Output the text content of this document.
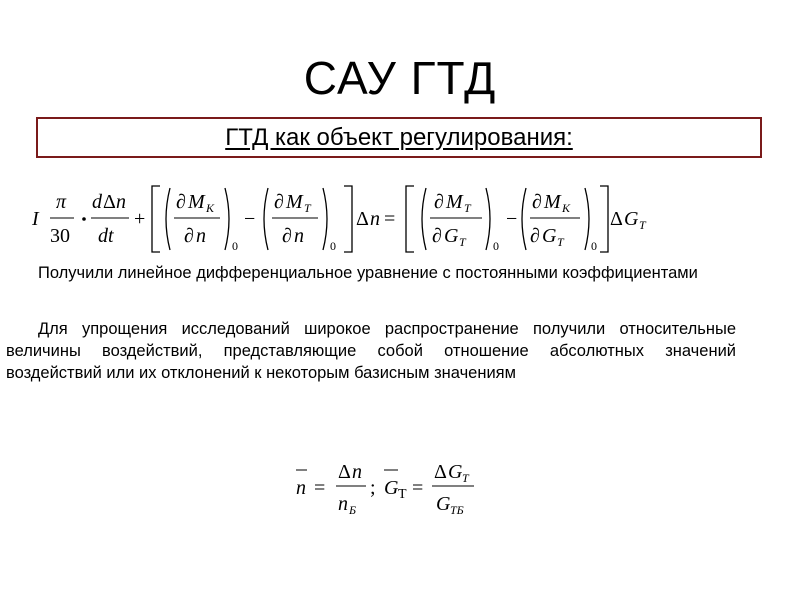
САУ ГТД
ГТД как объект регулирования:
I
π
30
d Δ n
dt
+
∂ M K
∂ n 0
−
∂ M T
∂ n 0
Δ n =
∂ M T
∂ G T 0
−
∂ M K
∂ G T 0
Δ G T

Получили линейное дифференциальное уравнение с постоянными коэффициентами

Для упрощения исследований широкое распространение получили относительные величины воздействий, представляющие собой отношение абсолютных значений воздействий или их отклонений к некоторым базисным значениям

n =
Δ n
n Б
; G Т =
Δ G T
G TБ
